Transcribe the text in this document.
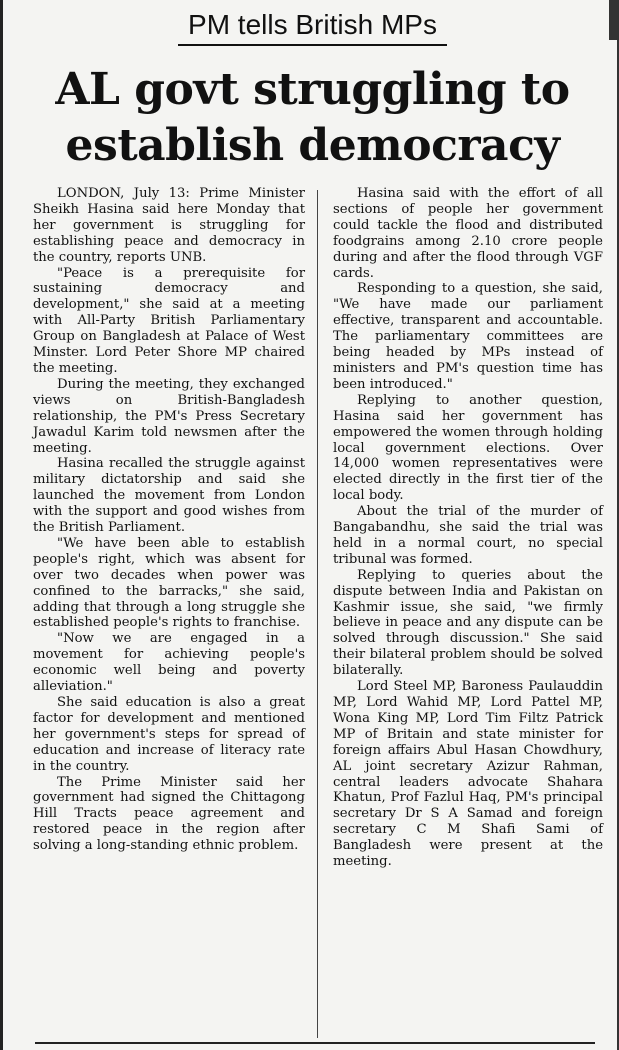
PM tells British MPs
AL govt struggling to establish democracy

LONDON, July 13: Prime Minister Sheikh Hasina said here Monday that her government is struggling for establishing peace and democracy in the country, reports UNB.

"Peace is a prerequisite for sustaining democracy and development," she said at a meeting with All-Party British Parliamentary Group on Bangladesh at Palace of West Minster. Lord Peter Shore MP chaired the meeting.

During the meeting, they exchanged views on British-Bangladesh relationship, the PM's Press Secretary Jawadul Karim told newsmen after the meeting.

Hasina recalled the struggle against military dictatorship and said she launched the movement from London with the support and good wishes from the British Parliament.

"We have been able to establish people's right, which was absent for over two decades when power was confined to the barracks," she said, adding that through a long struggle she established people's rights to franchise.

"Now we are engaged in a movement for achieving people's economic well being and poverty alleviation."

She said education is also a great factor for development and mentioned her government's steps for spread of education and increase of literacy rate in the country.

The Prime Minister said her government had signed the Chittagong Hill Tracts peace agreement and restored peace in the region after solving a long-standing ethnic problem.

Hasina said with the effort of all sections of people her government could tackle the flood and distributed foodgrains among 2.10 crore people during and after the flood through VGF cards.

Responding to a question, she said, "We have made our parliament effective, transparent and accountable. The parliamentary committees are being headed by MPs instead of ministers and PM's question time has been introduced."

Replying to another question, Hasina said her government has empowered the women through holding local government elections. Over 14,000 women representatives were elected directly in the first tier of the local body.

About the trial of the murder of Bangabandhu, she said the trial was held in a normal court, no special tribunal was formed.

Replying to queries about the dispute between India and Pakistan on Kashmir issue, she said, "we firmly believe in peace and any dispute can be solved through discussion." She said their bilateral problem should be solved bilaterally.

Lord Steel MP, Baroness Paulauddin MP, Lord Wahid MP, Lord Pattel MP, Wona King MP, Lord Tim Filtz Patrick MP of Britain and state minister for foreign affairs Abul Hasan Chowdhury, AL joint secretary Azizur Rahman, central leaders advocate Shahara Khatun, Prof Fazlul Haq, PM's principal secretary Dr S A Samad and foreign secretary C M Shafi Sami of Bangladesh were present at the meeting.
